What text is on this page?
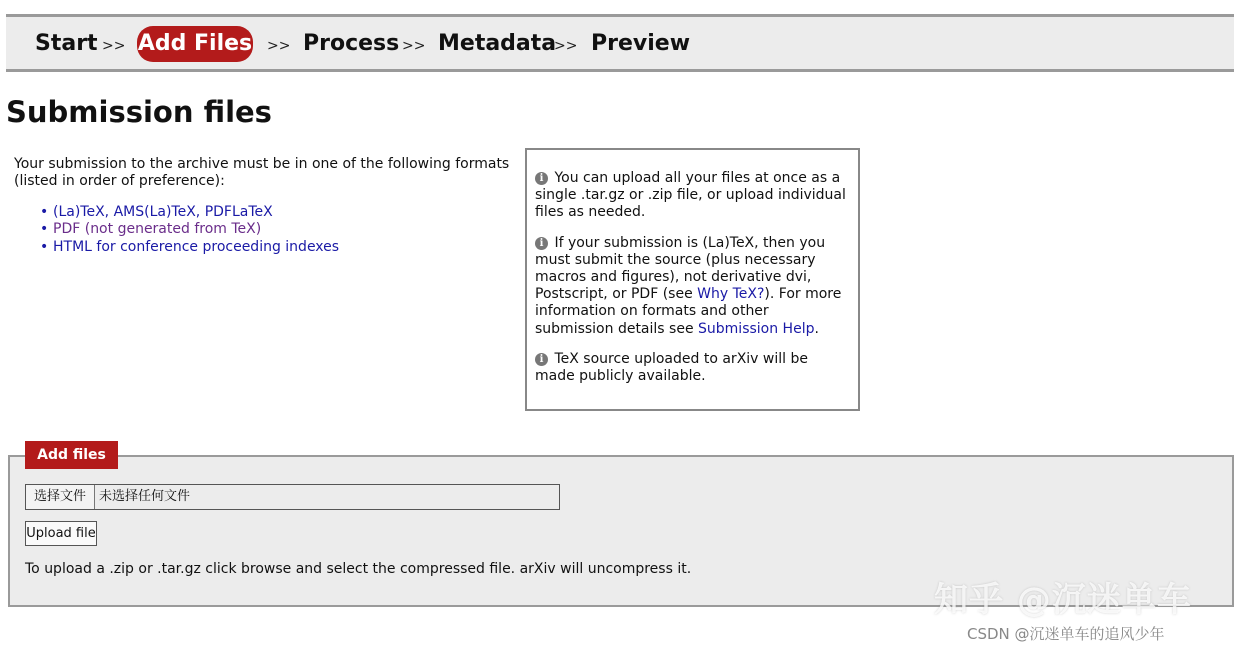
Start >> Add Files >> Process >> Metadata
>> Preview
Submission files
Your submission to the archive must be in one of the following formats (listed in order of preference):
• (La)TeX, AMS(La)TeX, PDFLaTeX
• PDF (not generated from TeX)
• HTML for conference proceeding indexes

i You can upload all your files at once as a single .tar.gz or .zip file, or upload individual files as needed.

i If your submission is (La)TeX, then you must submit the source (plus necessary macros and figures), not derivative dvi, Postscript, or PDF (see Why TeX?). For more information on formats and other submission details see Submission Help.

i TeX source uploaded to arXiv will be made publicly available.

Add files
选择文件	未选择任何文件
Upload file
To upload a .zip or .tar.gz click browse and select the compressed file. arXiv will uncompress it.
知乎 @沉迷单车
CSDN @沉迷单车的追风少年
